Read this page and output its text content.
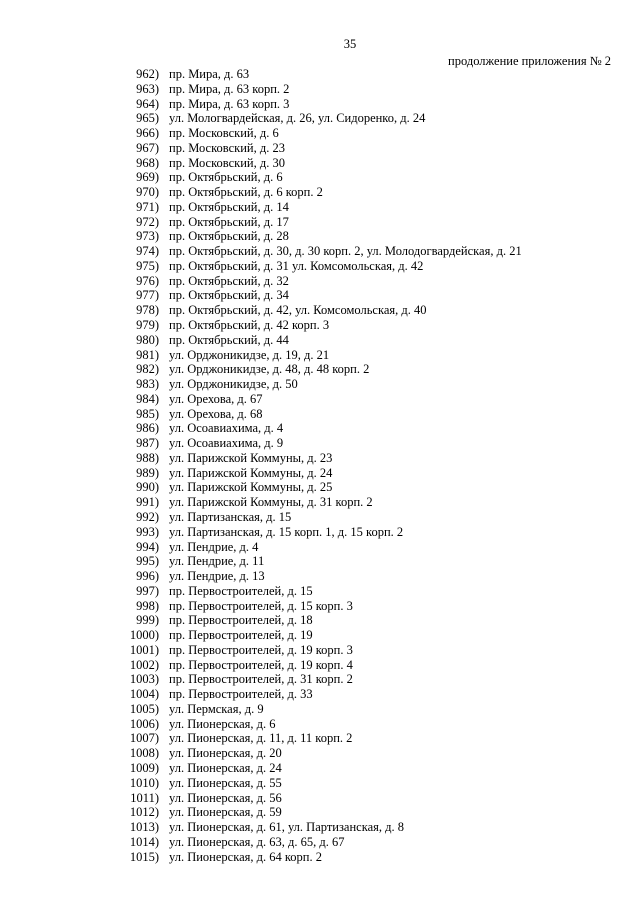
35
продолжение приложения № 2
962) пр. Мира, д. 63
963) пр. Мира, д. 63 корп. 2
964) пр. Мира, д. 63 корп. 3
965) ул. Мологвардейская, д. 26, ул. Сидоренко, д. 24
966) пр. Московский, д. 6
967) пр. Московский, д. 23
968) пр. Московский, д. 30
969) пр. Октябрьский, д. 6
970) пр. Октябрьский, д. 6 корп. 2
971) пр. Октябрьский, д. 14
972) пр. Октябрьский, д. 17
973) пр. Октябрьский, д. 28
974) пр. Октябрьский, д. 30, д. 30 корп. 2, ул. Молодогвардейская, д. 21
975) пр. Октябрьский, д. 31 ул. Комсомольская, д. 42
976) пр. Октябрьский, д. 32
977) пр. Октябрьский, д. 34
978) пр. Октябрьский, д. 42, ул. Комсомольская, д. 40
979) пр. Октябрьский, д. 42 корп. 3
980) пр. Октябрьский, д. 44
981) ул. Орджоникидзе, д. 19, д. 21
982) ул. Орджоникидзе, д. 48, д. 48 корп. 2
983) ул. Орджоникидзе, д. 50
984) ул. Орехова, д. 67
985) ул. Орехова, д. 68
986) ул. Осоавиахима, д. 4
987) ул. Осоавиахима, д. 9
988) ул. Парижской Коммуны, д. 23
989) ул. Парижской Коммуны, д. 24
990) ул. Парижской Коммуны, д. 25
991) ул. Парижской Коммуны, д. 31 корп. 2
992) ул. Партизанская, д. 15
993) ул. Партизанская, д. 15 корп. 1, д. 15 корп. 2
994) ул. Пендрие, д. 4
995) ул. Пендрие, д. 11
996) ул. Пендрие, д. 13
997) пр. Первостроителей, д. 15
998) пр. Первостроителей, д. 15 корп. 3
999) пр. Первостроителей, д. 18
1000) пр. Первостроителей, д. 19
1001) пр. Первостроителей, д. 19 корп. 3
1002) пр. Первостроителей, д. 19 корп. 4
1003) пр. Первостроителей, д. 31 корп. 2
1004) пр. Первостроителей, д. 33
1005) ул. Пермская, д. 9
1006) ул. Пионерская, д. 6
1007) ул. Пионерская, д. 11, д. 11 корп. 2
1008) ул. Пионерская, д. 20
1009) ул. Пионерская, д. 24
1010) ул. Пионерская, д. 55
1011) ул. Пионерская, д. 56
1012) ул. Пионерская, д. 59
1013) ул. Пионерская, д. 61, ул. Партизанская, д. 8
1014) ул. Пионерская, д. 63, д. 65, д. 67
1015) ул. Пионерская, д. 64 корп. 2
